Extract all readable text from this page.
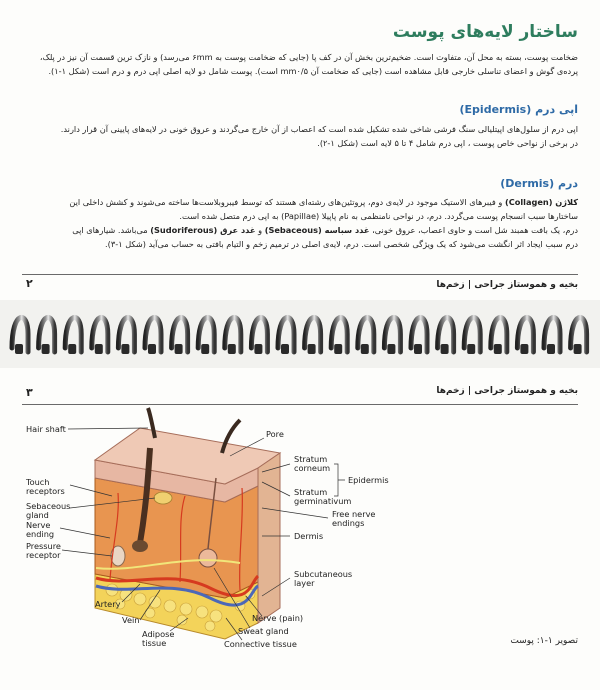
ساختار لایه‌های پوست
ضخامت پوست، بسته به محل آن، متفاوت است. ضخیم‌ترین بخش آن در کف پا (جایی که ضخامت پوست به ۶mm می‌رسد) و نازک ترین قسمت آن نیز در پلک،
پرده‌ی گوش و اعضای تناسلی خارجی قابل مشاهده است (جایی که ضخامت آن mm۰/۵ است). پوست شامل دو لایه اصلی اپی درم و درم است (شکل ۱-۱).
اپی درم (Epidermis)
اپی درم از سلول‌های اپیتلیالی سنگ فرشی شاخی شده تشکیل شده است که اعصاب از آن خارج می‌گردند و عروق خونی در لایه‌های پایینی آن قرار دارند.
در برخی از نواحی خاص پوست ، اپی درم شامل ۴ تا ۵ لایه است (شکل ۱-۲).
درم (Dermis)
کلاژن (Collagen) و فیبرهای الاستیک موجود در لایه‌ی دوم، پروتئین‌های رشته‌ای هستند که توسط فیبروبلاست‌ها ساخته می‌شوند و کشش داخلی این
ساختارها سبب انسجام پوست می‌گردد. درم، در نواحی نامنظمی به نام پاپیلا (Papillae) به اپی درم متصل شده است.
درم، یک بافت همبند شل است و حاوی اعصاب، عروق خونی، غدد سباسه (Sebaceous) و غدد عرق (Sudoriferous) می‌باشد. شیارهای اپی
درم سبب ایجاد اثر انگشت می‌شود که یک ویژگی شخصی است. درم، لایه‌ی اصلی در ترمیم زخم و التیام بافتی به حساب می‌آید (شکل ۱-۳).
۲	بخیه و هموستاز جراحی | زخم‌ها
۳	بخیه و هموستاز جراحی | زخم‌ها
تصویر ۱-۱: پوست
Hair shaft	Pore
Stratum
corneum
Epidermis
Touch
receptors
Sebaceous
gland
Nerve
ending
Pressure
receptor
Stratum
germinativum
Free nerve
endings
Dermis
Subcutaneous
layer
Artery
Vein
Adipose
tissue
Nerve (pain)
Sweat gland
Connective tissue
